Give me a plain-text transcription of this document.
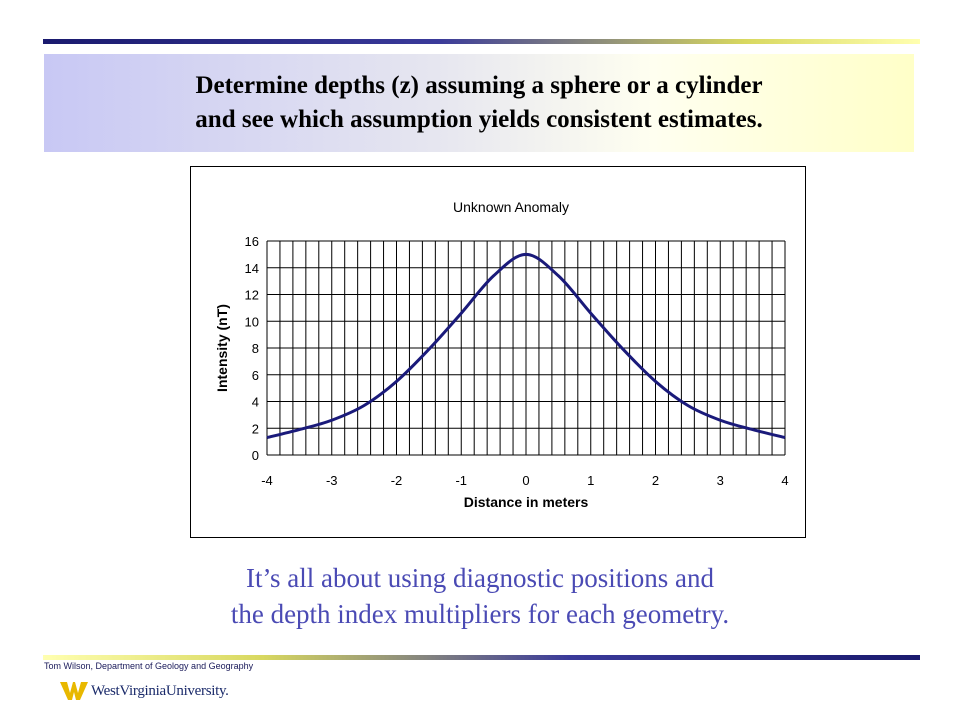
Determine depths (z) assuming a sphere or a cylinder
and see which assumption yields consistent estimates.
0
2
4
6
8
10
12
14
16
-4	-3	-2	-1	0	1	2	3	4
Unknown Anomaly
Distance in meters
Intensity (nT)
It’s all about using diagnostic positions and
the depth index multipliers for each geometry.
Tom Wilson, Department of Geology and Geography
WestVirginiaUniversity.
